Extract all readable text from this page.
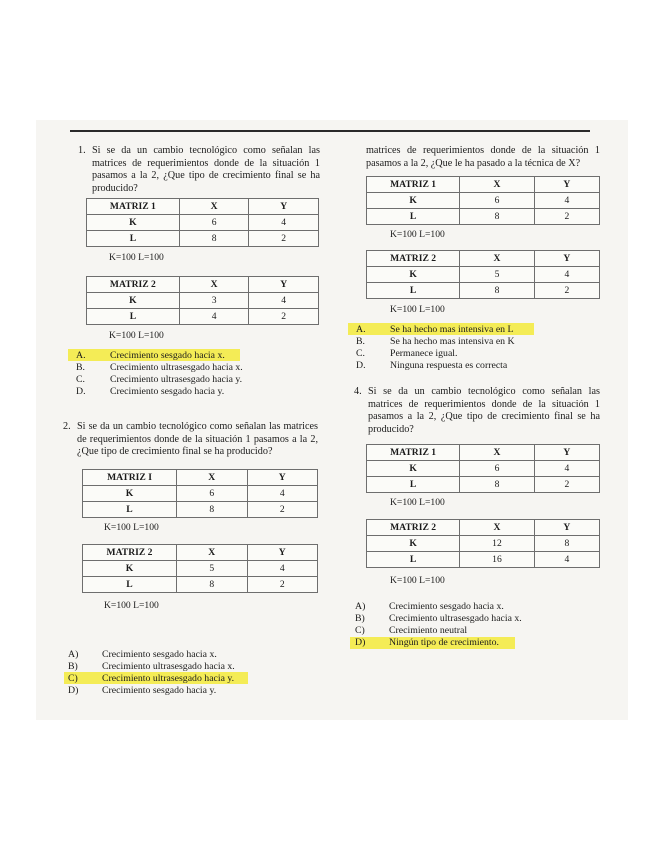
1. Si se da un cambio tecnológico como señalan las matrices de requerimientos donde de la situación 1 pasamos a la 2, ¿Que tipo de crecimiento final se ha producido?
MATRIZ 1	X	Y
K	6	4
L	8	2
K=100 L=100
MATRIZ 2	X	Y
K	3	4
L	4	2
K=100 L=100
A. Crecimiento sesgado hacia x.
B.	Crecimiento ultrasesgado hacia x.
C.	Crecimiento ultrasesgado hacia y.
D. Crecimiento sesgado hacia y.
2. Si se da un cambio tecnológico como señalan las matrices de requerimientos donde de la situación 1 pasamos a la 2, ¿Que tipo de crecimiento final se ha producido?
MATRIZ I	X	Y
K	6	4
L	8	2
K=100 L=100
MATRIZ 2	X	Y
K	5	4
L	8	2
K=100 L=100
A) Crecimiento sesgado hacia x.
B) Crecimiento ultrasesgado hacia x.
C) Crecimiento ultrasesgado hacia y.
D) Crecimiento sesgado hacia y.
matrices de requerimientos donde de la situación 1 pasamos a la 2, ¿Que le ha pasado a la técnica de X?
MATRIZ 1	X	Y
K	6	4
L	8	2
K=100 L=100
MATRIZ 2	X	Y
K	5	4
L	8	2
K=100 L=100
A. Se ha hecho mas intensiva en L
B.	Se ha hecho mas intensiva en K
C.	Permanece igual.
D. Ninguna respuesta es correcta
4. Si se da un cambio tecnológico como señalan las matrices de requerimientos donde de la situación 1 pasamos a la 2, ¿Que tipo de crecimiento final se ha producido?
MATRIZ 1	X	Y
K	6	4
L	8	2
K=100 L=100
MATRIZ 2	X	Y
K	12	8
L	16	4
K=100 L=100
A) Crecimiento sesgado hacia x.
B) Crecimiento ultrasesgado hacia x.
C) Crecimiento neutral
D) Ningún tipo de crecimiento.
